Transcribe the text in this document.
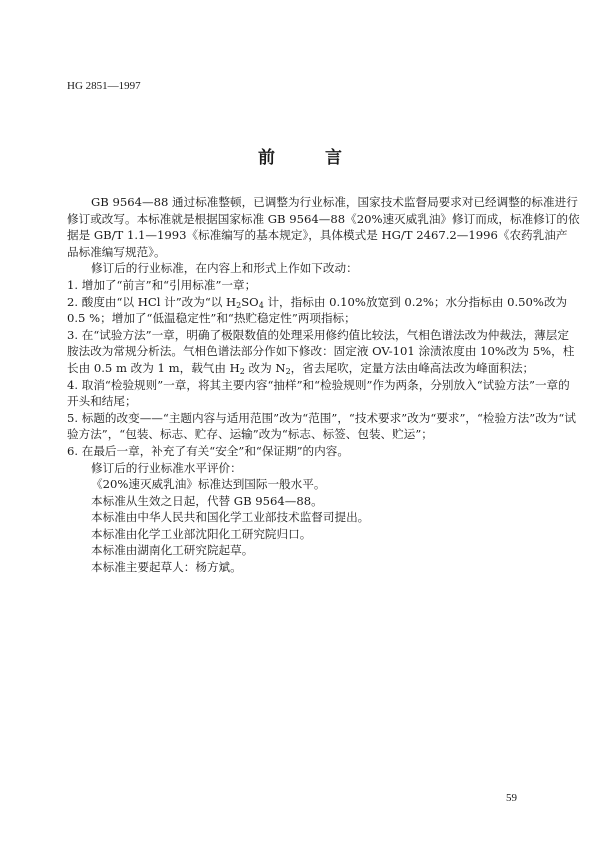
HG 2851—1997
前 言
GB 9564—88 通过标准整顿，已调整为行业标准，国家技术监督局要求对已经调整的标准进行
修订或改写。本标准就是根据国家标准 GB 9564—88《20%速灭威乳油》修订而成，标准修订的依
据是 GB/T 1.1—1993《标准编写的基本规定》，具体模式是 HG/T 2467.2—1996《农药乳油产
品标准编写规范》。
修订后的行业标准，在内容上和形式上作如下改动：
1. 增加了“前言”和“引用标准”一章；
2. 酸度由“以 HCl 计”改为“以 $H_2SO_4$ 计，指标由 0.10%放宽到 0.2%；水分指标由 0.50%改为
0.5 %；增加了“低温稳定性”和“热贮稳定性”两项指标；
3. 在“试验方法”一章，明确了极限数值的处理采用修约值比较法，气相色谱法改为仲裁法，薄层定
胺法改为常规分析法。气相色谱法部分作如下修改：固定液 OV-101 涂渍浓度由 10%改为 5%，柱
长由 0.5 m 改为 1 m，载气由 $H_2$ 改为 $N_2$，省去尾吹，定量方法由峰高法改为峰面积法；
4. 取消“检验规则”一章，将其主要内容“抽样”和“检验规则”作为两条，分别放入“试验方法”一章的
开头和结尾；
5. 标题的改变——“主题内容与适用范围”改为“范围”，“技术要求”改为“要求”，“检验方法”改为“试
验方法”，“包装、标志、贮存、运输”改为“标志、标签、包装、贮运”；
6. 在最后一章，补充了有关“安全”和“保证期”的内容。
修订后的行业标准水平评价：
《20%速灭威乳油》标准达到国际一般水平。
本标准从生效之日起，代替 GB 9564—88。
本标准由中华人民共和国化学工业部技术监督司提出。
本标准由化学工业部沈阳化工研究院归口。
本标准由湖南化工研究院起草。
本标准主要起草人：杨方斌。
59
